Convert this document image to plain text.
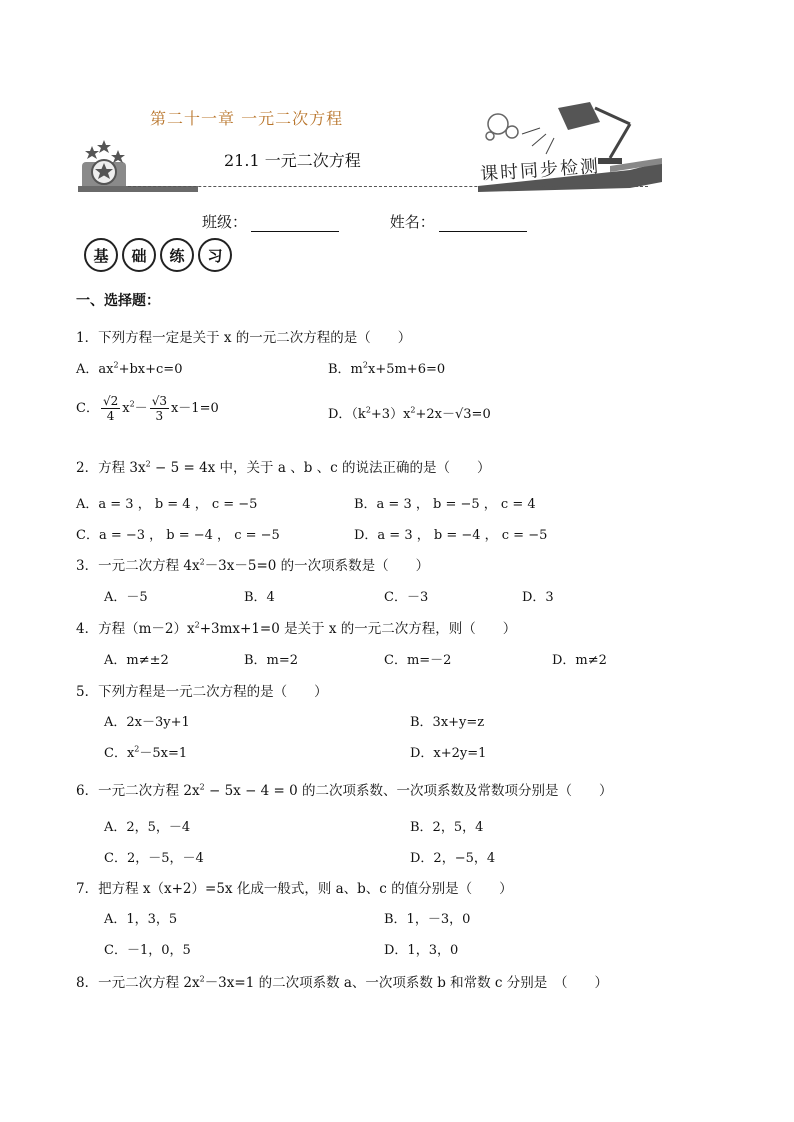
第二十一章 一元二次方程
21.1 一元二次方程	课时同步检测
班级：	姓名：
基	础	练	习
一、选择题：
1．下列方程一定是关于 x 的一元二次方程的是（　　）
A．$ax^2+bx+c=0$	B．$m^2x+5m+6=0$
C． $\frac{√2}{4} x^2- \frac{√3}{3} x-1=0$	D．$(k^2+3)x^2+2x-√3=0$
2．方程 $3x^2 - 5 = 4x$ 中，关于 a 、b 、c 的说法正确的是（　　）
A．a = 3 ， b = 4 ， c = −5	B．a = 3 ， b = −5 ， c = 4
C．a = −3 ， b = −4 ， c = −5	D．a = 3 ， b = −4 ， c = −5
3．一元二次方程 $4x^2-3x-5=0$ 的一次项系数是（　　）
A．－5	B．4	C．－3	D．3
4．方程$(m-2)x^2+3mx+1=0$ 是关于 x 的一元二次方程，则（　　）
A．m≠±2	B．m=2	C．m=－2	D．m≠2
5．下列方程是一元二次方程的是（　　）
A．2x－3y+1	B．3x+y=z
C．$x^2-5x=1$	D．x+2y=1
6．一元二次方程 $2x^2 - 5x - 4 = 0$ 的二次项系数、一次项系数及常数项分别是（　　）
A．2，5，－4	B．2，5，4
C．2，－5，－4	D．2，−5，4
7．把方程 x（x+2）=5x 化成一般式，则 a、b、c 的值分别是（　　）
A．1，3，5	B．1，－3，0
C．－1，0，5	D．1，3，0
8．一元二次方程 $2x^2-3x=1$ 的二次项系数 a、一次项系数 b 和常数 c 分别是　（　　）
